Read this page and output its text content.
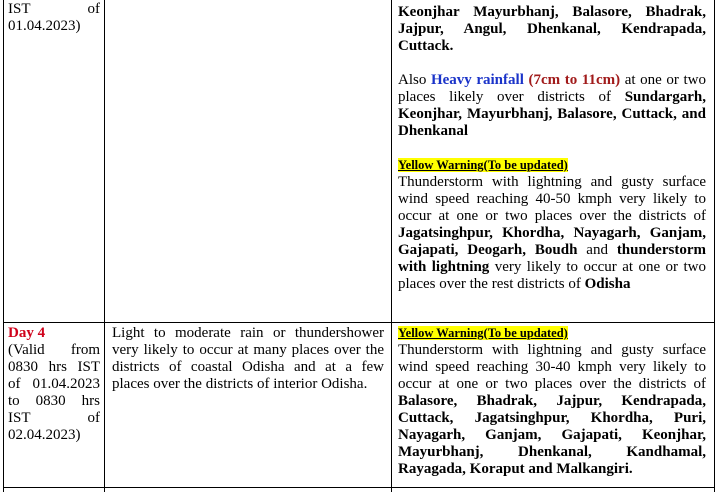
IST of

01.04.2023)

Keonjhar Mayurbhanj, Balasore, Bhadrak, Jajpur, Angul, Dhenkanal, Kendrapada, Cuttack.

Also Heavy rainfall (7cm to 11cm) at one or two places likely over districts of Sundargarh, Keonjhar, Mayurbhanj, Balasore, Cuttack, and Dhenkanal

Yellow Warning(To be updated)
Thunderstorm with lightning and gusty surface wind speed reaching 40-50 kmph very likely to occur at one or two places over the districts of Jagatsinghpur, Khordha, Nayagarh, Ganjam, Gajapati, Deogarh, Boudh and thunderstorm with lightning very likely to occur at one or two places over the rest districts of Odisha

Day 4

(Valid from 0830 hrs IST of 01.04.2023 to 0830 hrs IST of 02.04.2023)

Light to moderate rain or thundershower very likely to occur at many places over the districts of coastal Odisha and at a few places over the districts of interior Odisha.

Yellow Warning(To be updated)
Thunderstorm with lightning and gusty surface wind speed reaching 30-40 kmph very likely to occur at one or two places over the districts of Balasore, Bhadrak, Jajpur, Kendrapada, Cuttack, Jagatsinghpur, Khordha, Puri, Nayagarh, Ganjam, Gajapati, Keonjhar, Mayurbhanj, Dhenkanal, Kandhamal, Rayagada, Koraput and Malkangiri.
